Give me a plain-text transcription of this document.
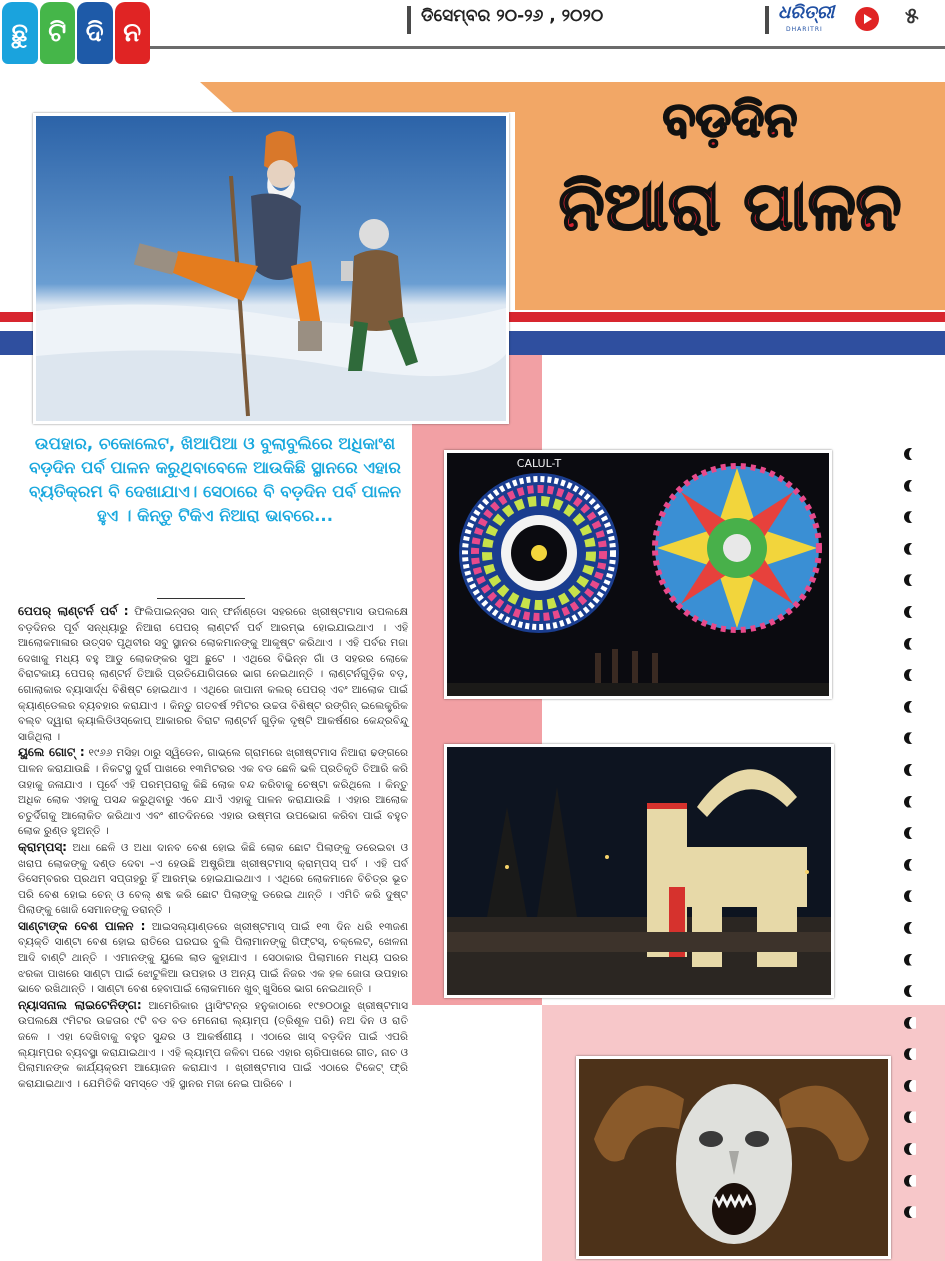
ଛୁ ଟି ଦି ନ
ଡିସେମ୍ବର ୨୦-୨୬ , ୨୦୨୦	ଧରିତ୍ରୀ
DHARITRI
୫
ବଡ଼ଦିନ
ନିଆରା ପାଳନ
CALUL-T
ଉପହାର, ଚକୋଲେଟ, ଖିଆପିଆ ଓ ବୁଲାବୁଲିରେ ଅଧିକାଂଶ ବଡ଼ଦିନ ପର୍ବ ପାଳନ କରୁଥିବାବେଳେ ଆଉକିଛି ସ୍ଥାନରେ ଏହାର ବ୍ୟତିକ୍ରମ ବି ଦେଖାଯାଏ। ସେଠାରେ ବି ବଡ଼ଦିନ ପର୍ବ ପାଳନ ହୁଏ । କିନ୍ତୁ ଟିକିଏ ନିଆରା ଭାବରେ...

ପେପର୍ ଲାଣ୍ଟର୍ନ ପର୍ବ : ଫିଲିପାଇନ୍ସର ସାନ୍ ଫର୍ନାଣ୍ଡୋ ସହରରେ ଖ୍ରୀଷ୍ଟମାସ ଉପଲକ୍ଷେ ବଡ଼ଦିନର ପୂର୍ବ ସନ୍ଧ୍ୟାରୁ ନିଆରା ପେପର୍ ଲାଣ୍ଟର୍ନ ପର୍ବ ଆରମ୍ଭ ହୋଇଯାଇଥାଏ । ଏହି ଆଲୋକମାଳାର ଉତ୍ସବ ପୃଥିବୀର ସବୁ ସ୍ଥାନର ଲୋକମାନଙ୍କୁ ଆକୃଷ୍ଟ କରିଥାଏ । ଏହି ପର୍ବର ମଜା ଦେଖାକୁ ମଧ୍ୟ ବହୁ ଆଡୁ ଲୋକଙ୍କର ସୁଅ ଛୁଟେ । ଏଥିରେ ବିଭିନ୍ନ ଗାଁ ଓ ସହରର ଲୋକେ ବିରାଟକାୟ ପେପର୍ ଲାଣ୍ଟର୍ନ ତିଆରି ପ୍ରତିଯୋଗିତାରେ ଭାଗ ନେଇଥାନ୍ତି । ଲାଣ୍ଟର୍ନଗୁଡ଼ିକ ବଡ଼, ଗୋଲାକାର ବ୍ୟାସାର୍ଦ୍ଧ ବିଶିଷ୍ଟ ହୋଇଥାଏ । ଏଥିରେ ଜାପାନୀ କଲର୍ ପେପର୍ ଏବଂ ଆଲୋକ ପାଇଁ କ୍ୟାଣ୍ଡେଲର ବ୍ୟବହାର କରାଯାଏ । କିନ୍ତୁ ଗତବର୍ଷ ୨ମିଟର ଉଚ୍ଚତା ବିଶିଷ୍ଟ ରଙ୍ଗିନ୍ ଇଲେକ୍ଟ୍ରିକ ବଲ୍ବ ଦ୍ୱାରା କ୍ୟାଲିଡିଓସ୍କୋପ୍ ଆକାରର ବିରାଟ ଲାଣ୍ଟର୍ନ ଗୁଡ଼ିକ ଦୃଷ୍ଟି ଆକର୍ଷଣର କେନ୍ଦ୍ରବିନ୍ଦୁ ସାଜିଥିଲା ।

ୟୁଲେ ଗୋଟ୍ : ୧୯୬୬ ମସିହା ଠାରୁ ସ୍ୱିଡେନ, ଗାଭ୍ଲେ ଗ୍ରାମରେ ଖ୍ରୀଷ୍ଟମାସ ନିଆରା ଢଙ୍ଗରେ ପାଳନ କରାଯାଉଛି । ନିକଟସ୍ଥ ଦୁର୍ଗ ପାଖରେ ୧୩ମିଟରର ଏକ ବଡ ଛେଳି ଭଳି ପ୍ରତିକୃତି ତିଆରି କରି ତାହାକୁ ଜଳାଯାଏ । ପୂର୍ବେ ଏହି ପରମ୍ପରାକୁ କିଛି ଲୋକ ବନ୍ଦ କରିବାକୁ ଚେଷ୍ଟା କରିଥିଲେ । କିନ୍ତୁ ଅଧିକ ଲୋକ ଏହାକୁ ପସନ୍ଦ କରୁଥିବାରୁ ଏବେ ଯାଏଁ ଏହାକୁ ପାଳନ କରାଯାଉଛି । ଏହାର ଆଲୋକ ଚତୁର୍ଦିଗକୁ ଆଲୋକିତ କରିଥାଏ ଏବଂ ଶୀତଦିନରେ ଏହାର ଉଷ୍ମତା ଉପଭୋଗ କରିବା ପାଇଁ ବହୁତ ଲୋକ ରୁଣ୍ଡ ହୁଅନ୍ତି ।

କ୍ରାମ୍ପସ୍: ଅଧା ଛେଳି ଓ ଅଧା ଦାନବ ବେଶ ହୋଇ କିଛି ଲୋକ ଛୋଟ ପିଲାଙ୍କୁ ଡରେଇବା ଓ ଖରାପ ଲୋକଙ୍କୁ ଦଣ୍ଡ ଦେବା –ଏ ହେଉଛି ଅଷ୍ଟ୍ରିଆ ଖ୍ରୀଷ୍ଟମାସ୍ କ୍ରାମ୍ପସ୍ ପର୍ବ । ଏହି ପର୍ବ ଡିସେମ୍ବରର ପ୍ରଥମ ସପ୍ତାହରୁ ହିଁ ଆରମ୍ଭ ହୋଇଯାଇଥାଏ । ଏଥିରେ ଲୋକମାନେ ବିଚିତ୍ର ଭୂତ ପରି ବେଶ ହୋଇ ଚେନ୍ ଓ ବେଲ୍ ଶବ୍ଦ କରି ଛୋଟ ପିଲାଙ୍କୁ ଡରେଇ ଥାନ୍ତି । ଏମିତି କରି ଦୁଷ୍ଟ ପିଲାଙ୍କୁ ଖୋଜି ସେମାନଙ୍କୁ ଡରାନ୍ତି ।

ସାଣ୍ଟାଙ୍କ ବେଶ ପାଳନ : ଆଇସଲ୍ୟାଣ୍ଡରେ ଖ୍ରୀଷ୍ଟମାସ୍ ପାଇଁ ୧୩ ଦିନ ଧରି ୧୩ଜଣ ବ୍ୟକ୍ତି ସାଣ୍ଟା ବେଶ ହୋଇ ରାତିରେ ଘରଘର ବୁଲି ପିଲାମାନଙ୍କୁ ଗିଫ୍ଟସ୍, ଚକ୍ଲେଟ୍, ଖେଳନା ଆଦି ବାଣ୍ଟି ଥାନ୍ତି । ଏମାନଙ୍କୁ ୟୁଲେ ଲାଡ କୁହାଯାଏ । ସେଠାକାର ପିଲାମାନେ ମଧ୍ୟ ଘରର ଝରକା ପାଖରେ ସାଣ୍ଟା ପାଇଁ ଝୋଟୁଳିଆ ଉପହାର ଓ ଅନ୍ୟ ପାଇଁ ନିଜର ଏକ ହଳ ଜୋତା ଉପହାର ଭାବେ ରଖିଥାନ୍ତି । ସାଣ୍ଟା ବେଶ ହେବାପାଇଁ ଲୋକମାନେ ଖୁବ୍ ଖୁସିରେ ଭାଗ ନେଇଥାନ୍ତି ।

ନ୍ୟାସନାଲ ଲାଇଟେନିଙ୍ଗ: ଆମେରିକାର ୱାସିଂଟନ୍‌ର ହନୁକାଠାରେ ୧୯୭୦ଠାରୁ ଖ୍ରୀଷ୍ଟମାସ ଉପଲକ୍ଷେ ୯ମିଟର ଉଚ୍ଚତାର ୯ଟି ବଡ ବଡ ମେନୋରା ଲ୍ୟାମ୍ପ (ତ୍ରିଶୂଳ ପରି) ନଅ ଦିନ ଓ ରାତି ଜଳେ । ଏହା ଦେଖିବାକୁ ବହୁତ ସୁନ୍ଦର ଓ ଆକର୍ଷଣୀୟ । ଏଠାରେ ଖାସ୍ ବଡ଼ଦିନ ପାଇଁ ଏପରି ଲ୍ୟାମ୍ପର ବ୍ୟବସ୍ଥା କରାଯାଇଥାଏ । ଏହି ଲ୍ୟାମ୍ପ ଜଳିବା ପରେ ଏହାର ଚାରିପାଖରେ ଗୀତ, ନାଚ ଓ ପିଲାମାନଙ୍କ କାର୍ଯ୍ୟକ୍ରମ ଆୟୋଜନ କରାଯାଏ । ଖ୍ରୀଷ୍ଟମାସ ପାଇଁ ଏଠାରେ ଟିକେଟ୍ ଫ୍ରି କରାଯାଇଥାଏ । ଯେମିତିକି ସମସ୍ତେ ଏହି ସ୍ଥାନର ମଜା ନେଇ ପାରିବେ ।
